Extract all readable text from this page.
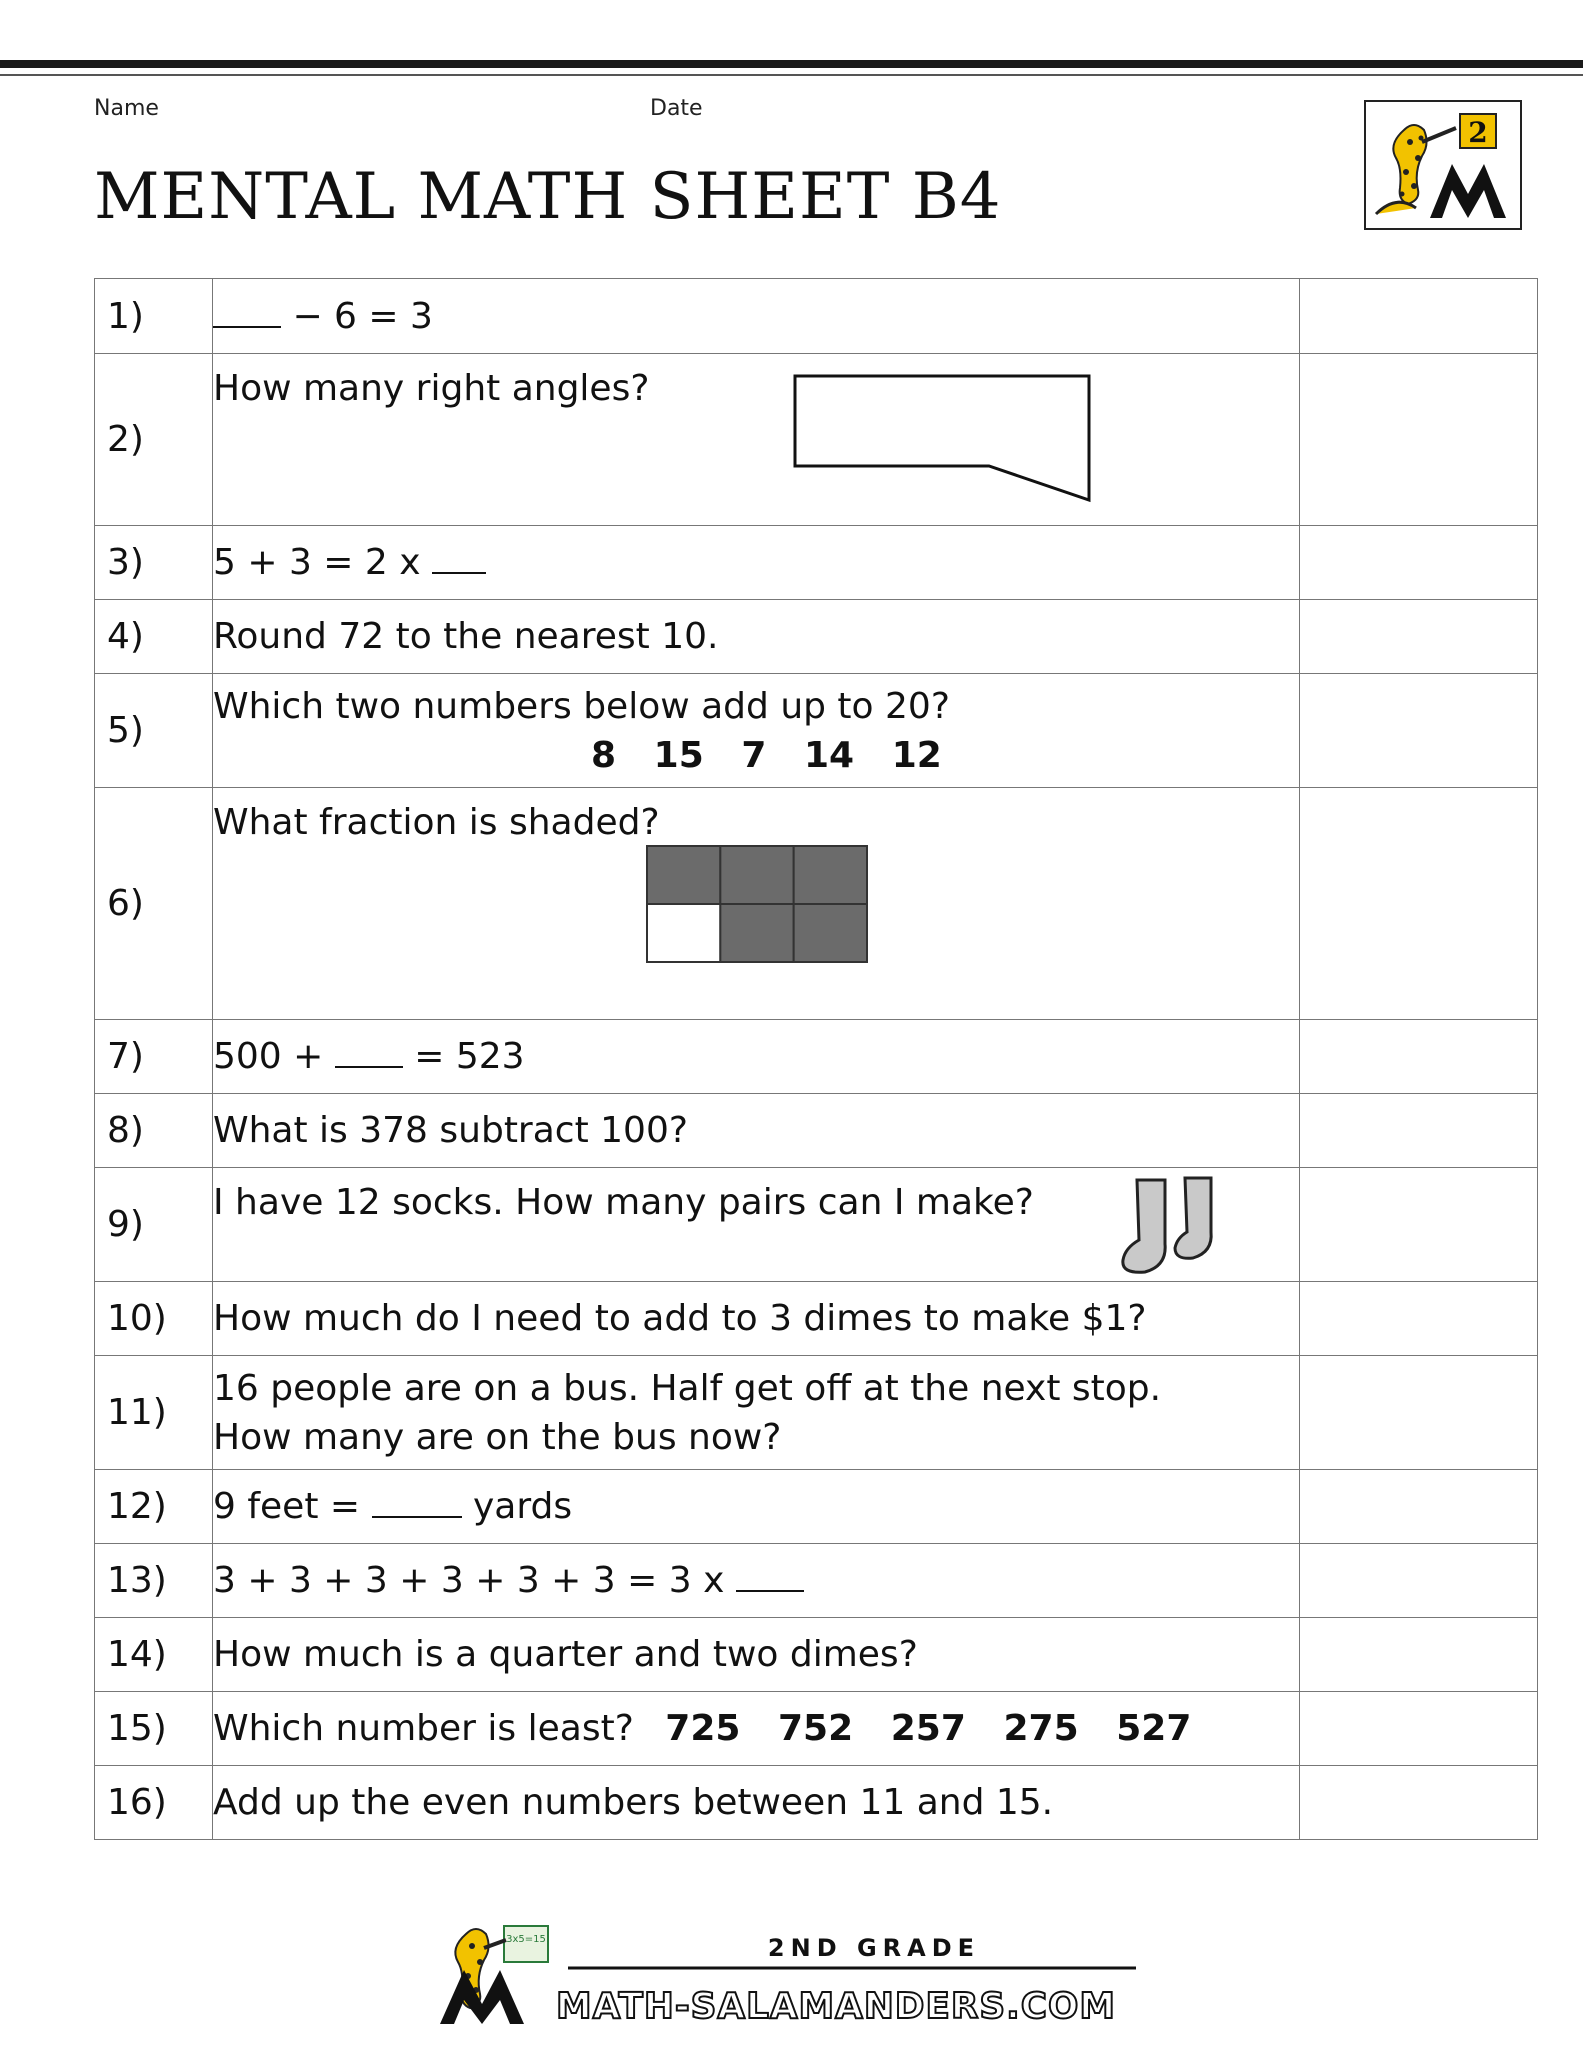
Name	Date
MENTAL MATH SHEET B4
2
1)	− 6 = 3	
2)	How many right angles?	

3)	5 + 3 = 2 x	
4)	Round 72 to the nearest 10.	
5)	Which two numbers below add up to 20?
8   15   7   14   12	

6)	What fraction is shaded?	

7)	500 + = 523	
8)	What is 378 subtract 100?	
9)	I have 12 socks. How many pairs can I make?	

10)	How much do I need to add to 3 dimes to make $1?	
11)	16 people are on a bus. Half get off at the next stop.
How many are on the bus now?	

12)	9 feet = yards	
13)	3 + 3 + 3 + 3 + 3 + 3 = 3 x	
14)	How much is a quarter and two dimes?	
15)	Which number is least? 725   752   257   275   527	
16)	Add up the even numbers between 11 and 15.	
3x5=15	2ND GRADE
MATH-SALAMANDERS.COM
